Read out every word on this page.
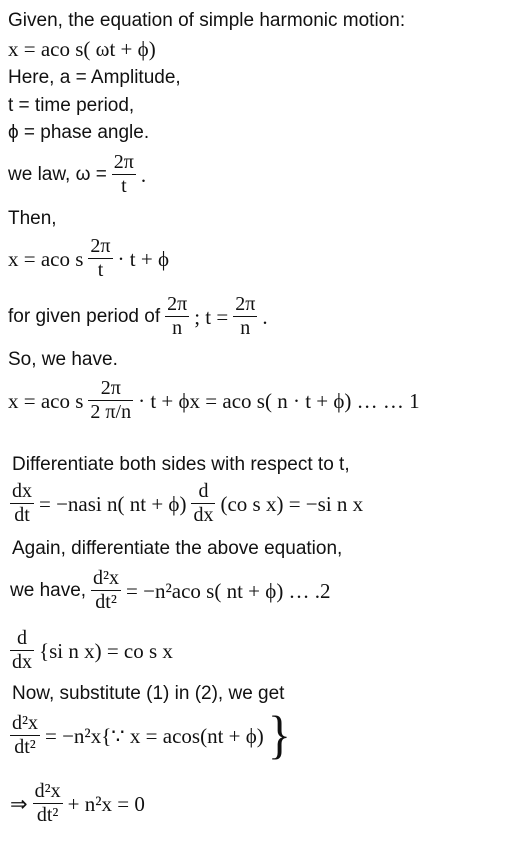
Given, the equation of simple harmonic motion:
x = aco s( ωt + ϕ)
Here, a = Amplitude,
t = time period,
ϕ = phase angle.
we law, $\omega = \frac{2\pi}{t}$ .
Then,
x = aco s $\frac{2\pi}{t} \cdot t + \phi$
for given period of $\frac{2\pi}{n}$ ; $t = \frac{2\pi}{n}$ .
So, we have.
x = aco s $\frac{2\pi}{2 \pi/n} \cdot t + \phi x$ = aco s( n · t + ϕ) … … 1
Differentiate both sides with respect to t,
$\frac{dx}{dt}$ = −nasi n( nt + $\phi) \frac{d}{dx} (co$ s x) = −si n x
Again, differentiate the above equation,
we have, $\frac{\text{d²x}}{\text{dt²}} = -n^2aco$ s( nt + ϕ) … .2
$\frac{d}{dx} \{si$ n x) = co s x
Now, substitute (1) in (2), we get
$\frac{\text{d²x}}{\text{dt²}}$ = −n²x{∵ x = acos(nt + ϕ) }
⇒ $\frac{\text{d²x}}{\text{dt²}} + n^2x = 0$
